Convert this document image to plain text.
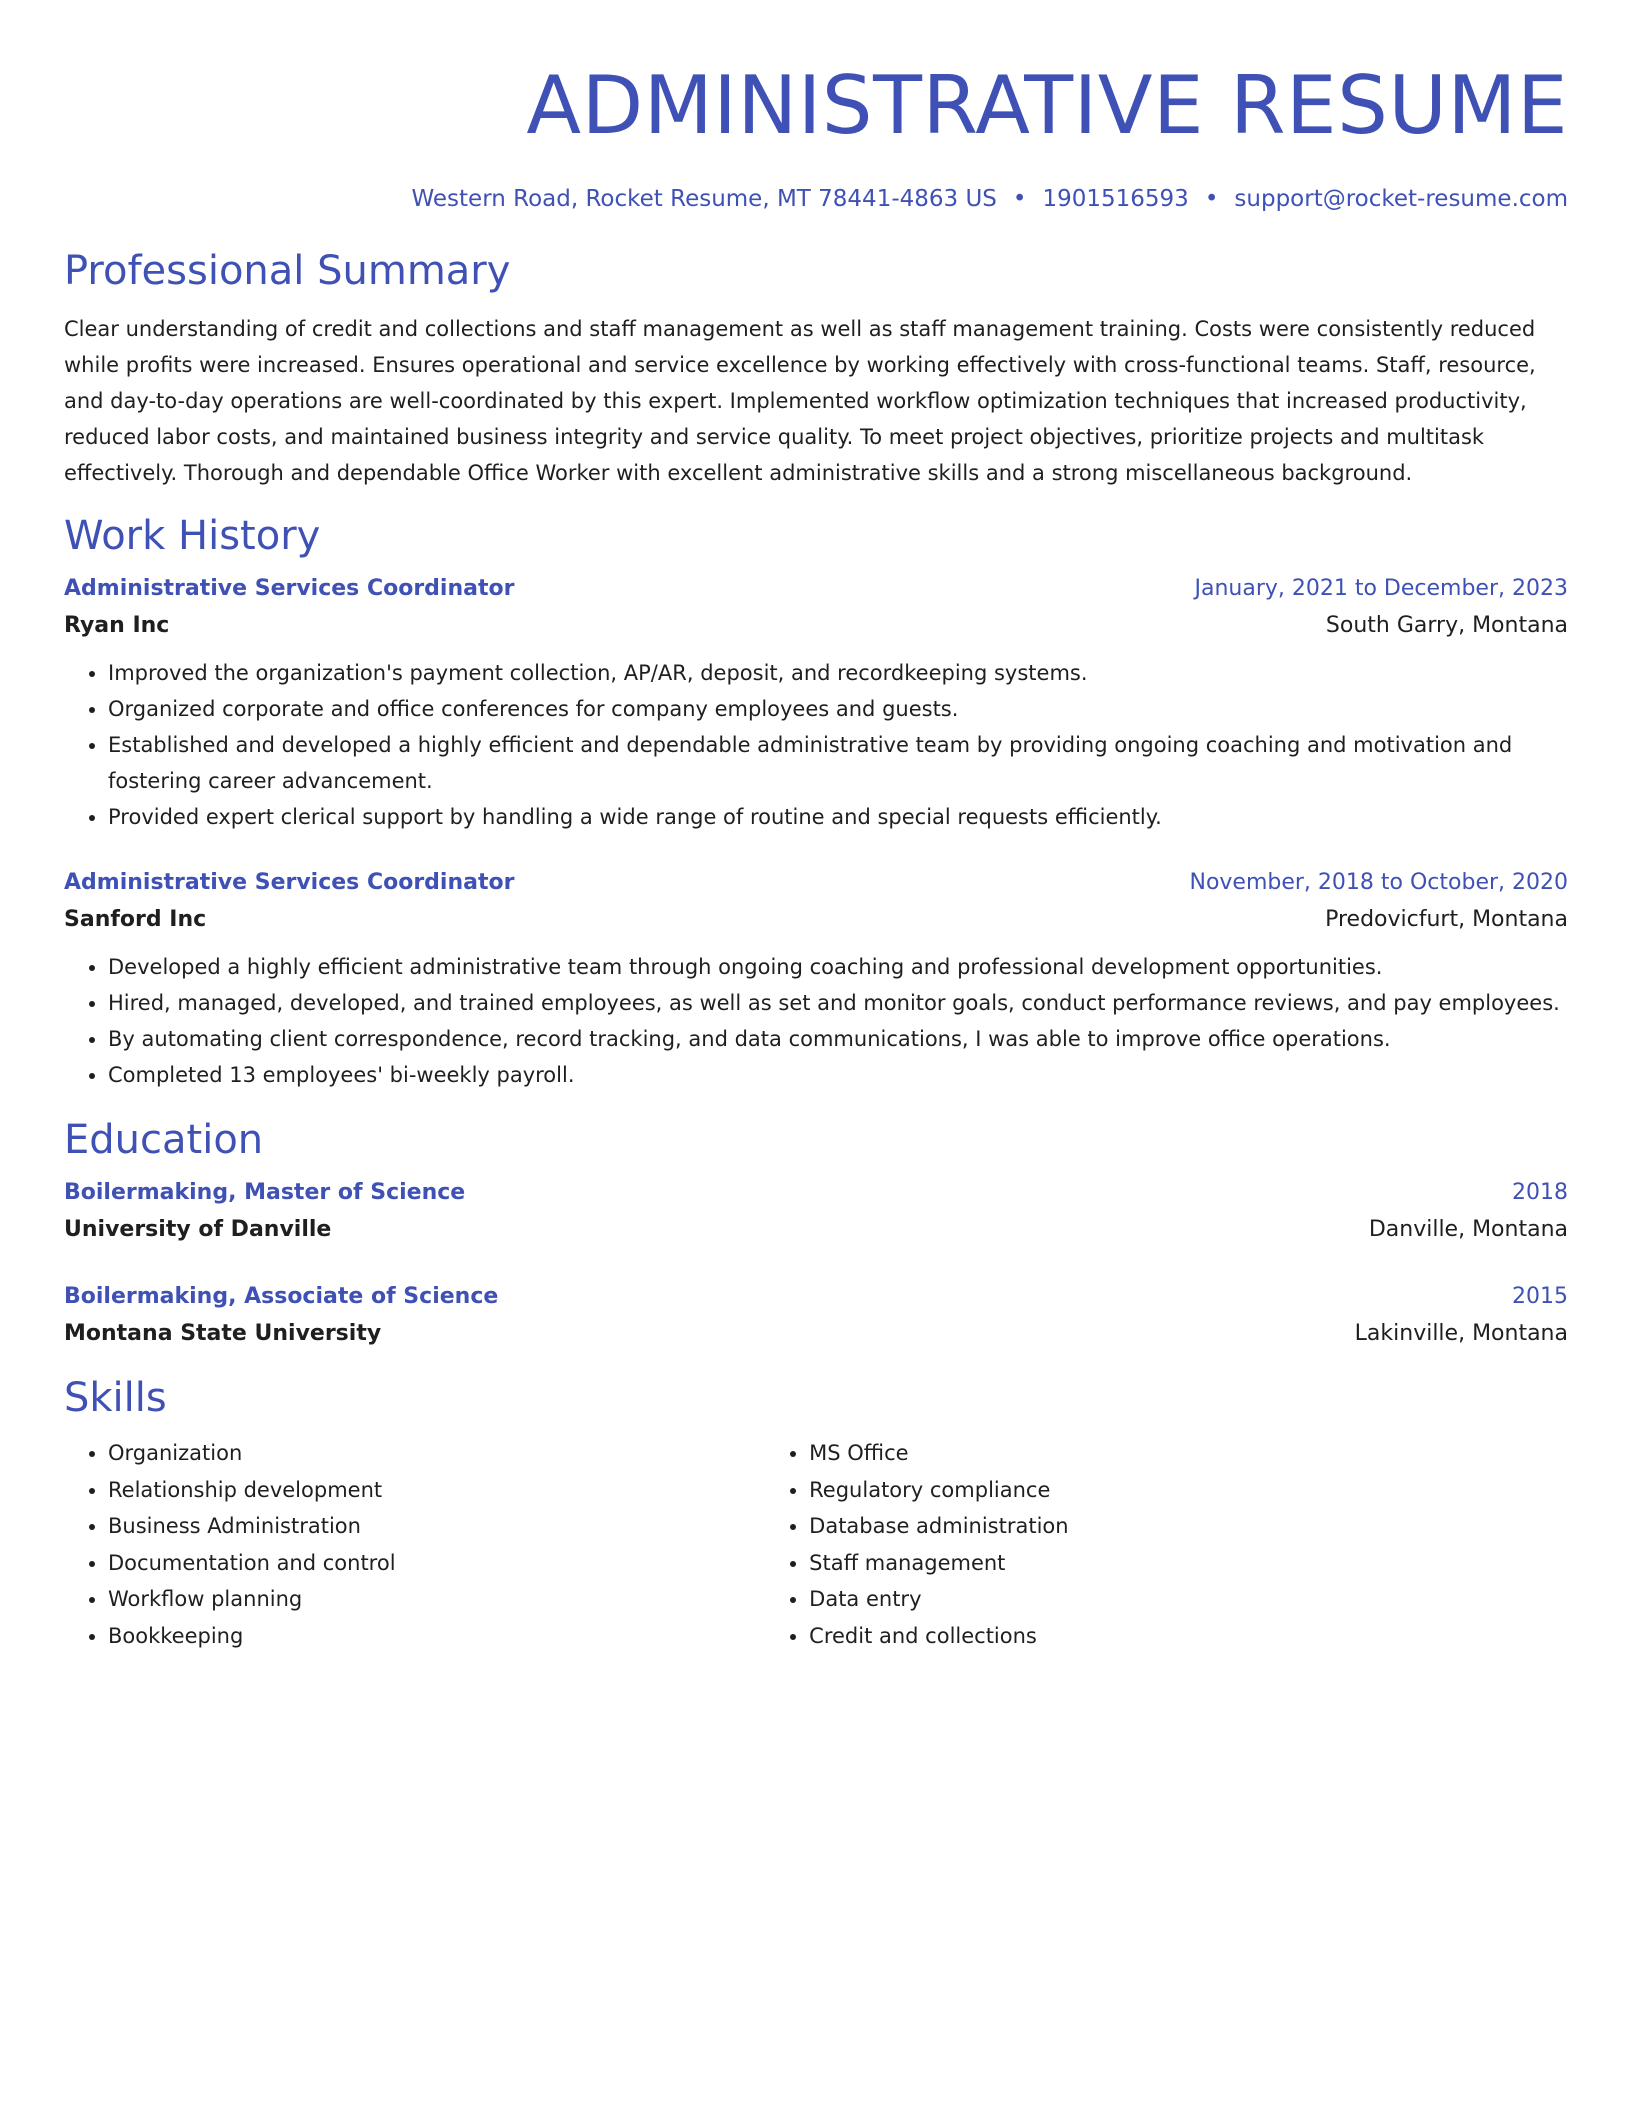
ADMINISTRATIVE RESUME
Western Road, Rocket Resume, MT 78441-4863 US • 1901516593 • support@rocket-resume.com
Professional Summary

Clear understanding of credit and collections and staff management as well as staff management training. Costs were consistently reduced while profits were increased. Ensures operational and service excellence by working effectively with cross-functional teams. Staff, resource, and day-to-day operations are well-coordinated by this expert. Implemented workflow optimization techniques that increased productivity, reduced labor costs, and maintained business integrity and service quality. To meet project objectives, prioritize projects and multitask effectively. Thorough and dependable Office Worker with excellent administrative skills and a strong miscellaneous background.

Work History
Administrative Services Coordinator	January, 2021 to December, 2023
Ryan Inc	South Garry, Montana
• Improved the organization's payment collection, AP/AR, deposit, and recordkeeping systems.
• Organized corporate and office conferences for company employees and guests.
• Established and developed a highly efficient and dependable administrative team by providing ongoing coaching and motivation and fostering career advancement.
• Provided expert clerical support by handling a wide range of routine and special requests efficiently.
Administrative Services Coordinator	November, 2018 to October, 2020
Sanford Inc	Predovicfurt, Montana
• Developed a highly efficient administrative team through ongoing coaching and professional development opportunities.
• Hired, managed, developed, and trained employees, as well as set and monitor goals, conduct performance reviews, and pay employees.
• By automating client correspondence, record tracking, and data communications, I was able to improve office operations.
• Completed 13 employees' bi-weekly payroll.
Education
Boilermaking, Master of Science	2018
University of Danville	Danville, Montana
Boilermaking, Associate of Science	2015
Montana State University	Lakinville, Montana
Skills
• Organization
• Relationship development
• Business Administration
• Documentation and control
• Workflow planning
• Bookkeeping
• MS Office
• Regulatory compliance
• Database administration
• Staff management
• Data entry
• Credit and collections
